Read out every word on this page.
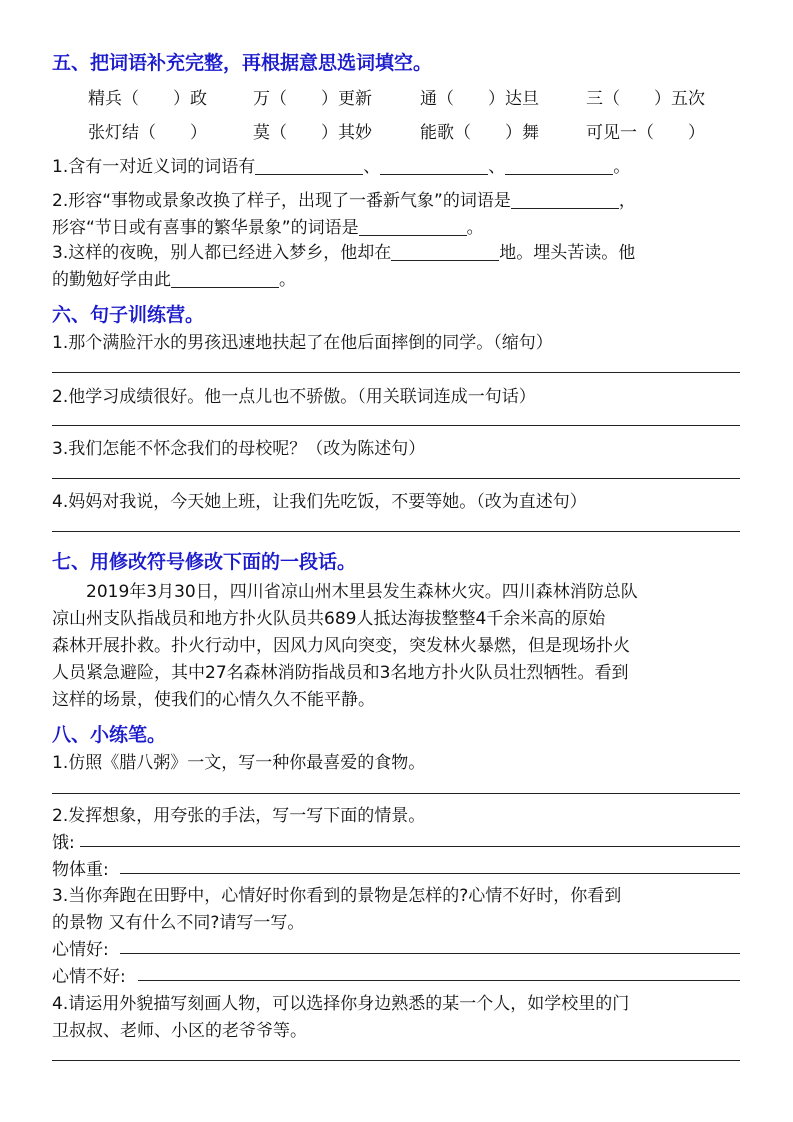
五、把词语补充完整，再根据意思选词填空。
精兵（　　）政	万（　　）更新	通（　　）达旦	三（　　）五次
张灯结（　　）	莫（　　）其妙	能歌（　　）舞	可见一（　　）
1.含有一对近义词的词语有	、	、	。
2.形容“事物或景象改换了样子，出现了一番新气象”的词语是	，
形容“节日或有喜事的繁华景象”的词语是	。
3.这样的夜晚，别人都已经进入梦乡，他却在	地。埋头苦读。他
的勤勉好学由此	。
六、句子训练营。
1.那个满脸汗水的男孩迅速地扶起了在他后面摔倒的同学。（缩句）
2.他学习成绩很好。他一点儿也不骄傲。（用关联词连成一句话）
3.我们怎能不怀念我们的母校呢？（改为陈述句）
4.妈妈对我说，今天她上班，让我们先吃饭，不要等她。（改为直述句）
七、用修改符号修改下面的一段话。
　　2019年3月30日，四川省凉山州木里县发生森林火灾。四川森林消防总队
凉山州支队指战员和地方扑火队员共689人抵达海拔整整4千余米高的原始
森林开展扑救。扑火行动中，因风力风向突变，突发林火暴燃，但是现场扑火
人员紧急避险，其中27名森林消防指战员和3名地方扑火队员壮烈牺牲。看到
这样的场景，使我们的心情久久不能平静。
八、小练笔。
1.仿照《腊八粥》一文，写一种你最喜爱的食物。
2.发挥想象，用夸张的手法，写一写下面的情景。
饿:
物体重:
3.当你奔跑在田野中，心情好时你看到的景物是怎样的?心情不好时，你看到
的景物 又有什么不同?请写一写。
心情好:
心情不好:
4.请运用外貌描写刻画人物，可以选择你身边熟悉的某一个人，如学校里的门
卫叔叔、老师、小区的老爷爷等。
